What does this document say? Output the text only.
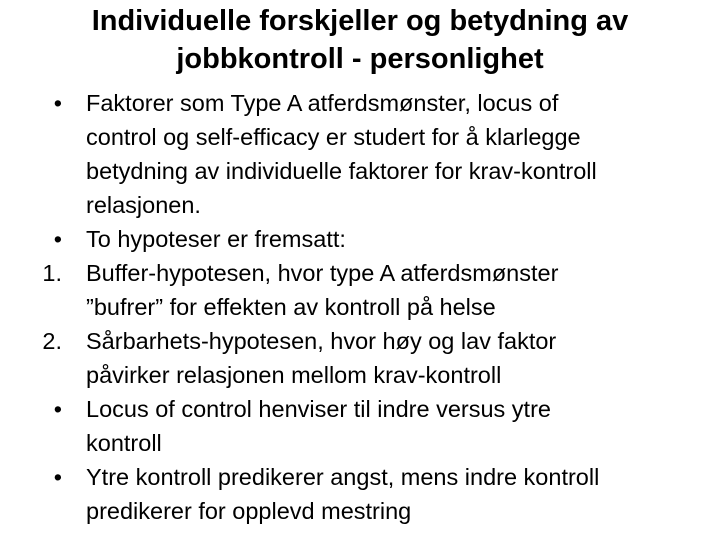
Individuelle forskjeller og betydning av
jobbkontroll - personlighet
• Faktorer som Type A atferdsmønster, locus of
control og self-efficacy er studert for å klarlegge
betydning av individuelle faktorer for krav-kontroll
relasjonen.
• To hypoteser er fremsatt:
1. Buffer-hypotesen, hvor type A atferdsmønster
”bufrer” for effekten av kontroll på helse
2. Sårbarhets-hypotesen, hvor høy og lav faktor
påvirker relasjonen mellom krav-kontroll
• Locus of control henviser til indre versus ytre
kontroll
• Ytre kontroll predikerer angst, mens indre kontroll
predikerer for opplevd mestring
